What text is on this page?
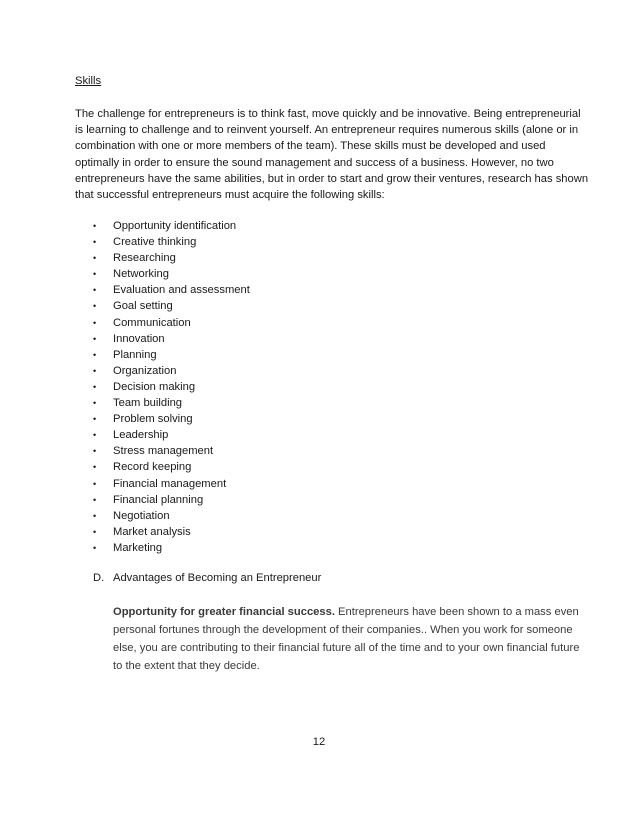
Skills
The challenge for entrepreneurs is to think fast, move quickly and be innovative. Being entrepreneurial
is learning to challenge and to reinvent yourself. An entrepreneur requires numerous skills (alone or in
combination with one or more members of the team). These skills must be developed and used
optimally in order to ensure the sound management and success of a business. However, no two
entrepreneurs have the same abilities, but in order to start and grow their ventures, research has shown
that successful entrepreneurs must acquire the following skills:
•	Opportunity identification
•	Creative thinking
•	Researching
•	Networking
•	Evaluation and assessment
•	Goal setting
•	Communication
•	Innovation
•	Planning
•	Organization
•	Decision making
•	Team building
•	Problem solving
•	Leadership
•	Stress management
•	Record keeping
•	Financial management
•	Financial planning
•	Negotiation
•	Market analysis
•	Marketing
D. Advantages of Becoming an Entrepreneur
Opportunity for greater financial success. Entrepreneurs have been shown to a mass even
personal fortunes through the development of their companies.. When you work for someone
else, you are contributing to their financial future all of the time and to your own financial future
to the extent that they decide.
12
